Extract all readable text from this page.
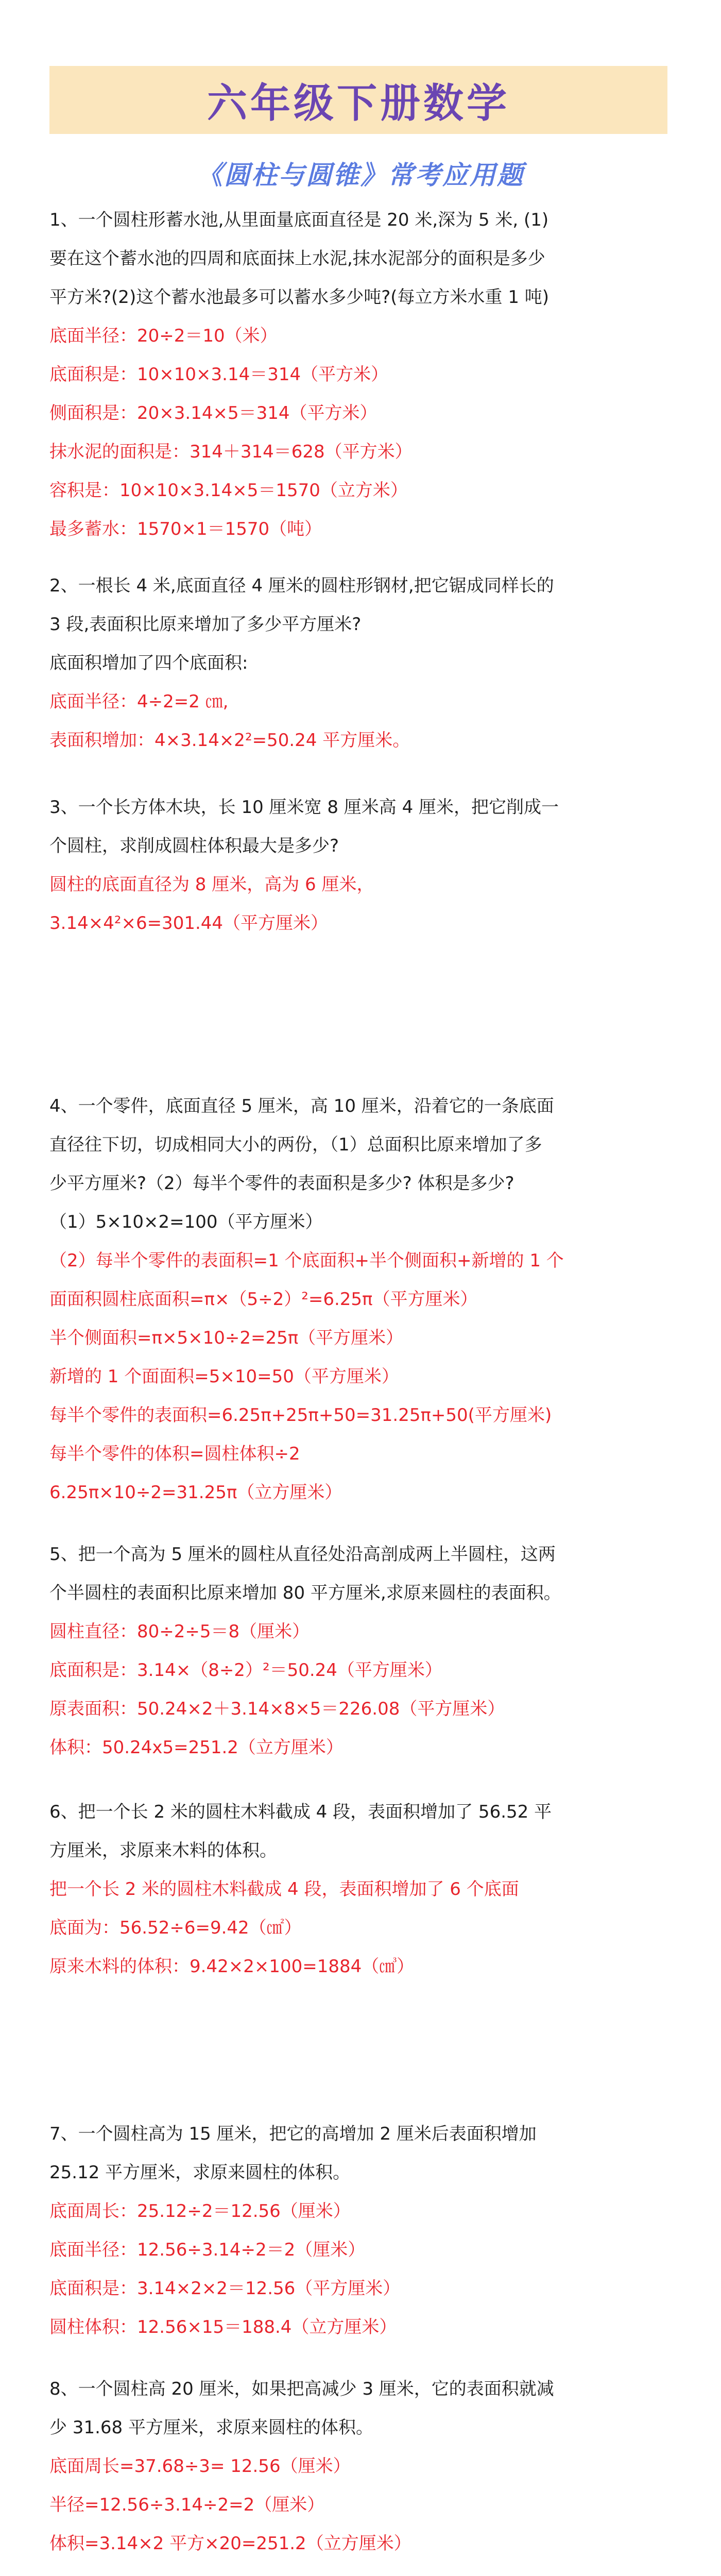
六年级下册数学
《圆柱与圆锥》常考应用题
1、一个圆柱形蓄水池,从里面量底面直径是 20 米,深为 5 米, (1)
要在这个蓄水池的四周和底面抹上水泥,抹水泥部分的面积是多少
平方米?(2)这个蓄水池最多可以蓄水多少吨?(每立方米水重 1 吨)
底面半径：20÷2＝10（米）
底面积是：10×10×3.14＝314（平方米）
侧面积是：20×3.14×5＝314（平方米）
抹水泥的面积是：314＋314＝628（平方米）
容积是：10×10×3.14×5＝1570（立方米）
最多蓄水：1570×1＝1570（吨）
2、一根长 4 米,底面直径 4 厘米的圆柱形钢材,把它锯成同样长的
3 段,表面积比原来增加了多少平方厘米?
底面积增加了四个底面积:
底面半径：4÷2=2 ㎝,
表面积增加：4×3.14×2²=50.24 平方厘米。
3、一个长方体木块，长 10 厘米宽 8 厘米高 4 厘米，把它削成一
个圆柱，求削成圆柱体积最大是多少?
圆柱的底面直径为 8 厘米，高为 6 厘米，
3.14×4²×6=301.44（平方厘米）
4、一个零件，底面直径 5 厘米，高 10 厘米，沿着它的一条底面
直径往下切，切成相同大小的两份，（1）总面积比原来增加了多
少平方厘米?（2）每半个零件的表面积是多少? 体积是多少?
（1）5×10×2=100（平方厘米）
（2）每半个零件的表面积=1 个底面积+半个侧面积+新增的 1 个
面面积圆柱底面积=π×（5÷2）²=6.25π（平方厘米）
半个侧面积=π×5×10÷2=25π（平方厘米）
新增的 1 个面面积=5×10=50（平方厘米）
每半个零件的表面积=6.25π+25π+50=31.25π+50(平方厘米)
每半个零件的体积=圆柱体积÷2
6.25π×10÷2=31.25π（立方厘米）
5、把一个高为 5 厘米的圆柱从直径处沿高剖成两上半圆柱，这两
个半圆柱的表面积比原来增加 80 平方厘米,求原来圆柱的表面积。
圆柱直径：80÷2÷5＝8（厘米）
底面积是：3.14×（8÷2）²＝50.24（平方厘米）
原表面积：50.24×2＋3.14×8×5＝226.08（平方厘米）
体积：50.24x5=251.2（立方厘米）
6、把一个长 2 米的圆柱木料截成 4 段，表面积增加了 56.52 平
方厘米，求原来木料的体积。
把一个长 2 米的圆柱木料截成 4 段，表面积增加了 6 个底面
底面为：56.52÷6=9.42（㎠）
原来木料的体积：9.42×2×100=1884（㎤）
7、一个圆柱高为 15 厘米，把它的高增加 2 厘米后表面积增加
25.12 平方厘米，求原来圆柱的体积。
底面周长：25.12÷2＝12.56（厘米）
底面半径：12.56÷3.14÷2＝2（厘米）
底面积是：3.14×2×2＝12.56（平方厘米）
圆柱体积：12.56×15＝188.4（立方厘米）
8、一个圆柱高 20 厘米，如果把高减少 3 厘米，它的表面积就减
少 31.68 平方厘米，求原来圆柱的体积。
底面周长=37.68÷3= 12.56（厘米）
半径=12.56÷3.14÷2=2（厘米）
体积=3.14×2 平方×20=251.2（立方厘米）
